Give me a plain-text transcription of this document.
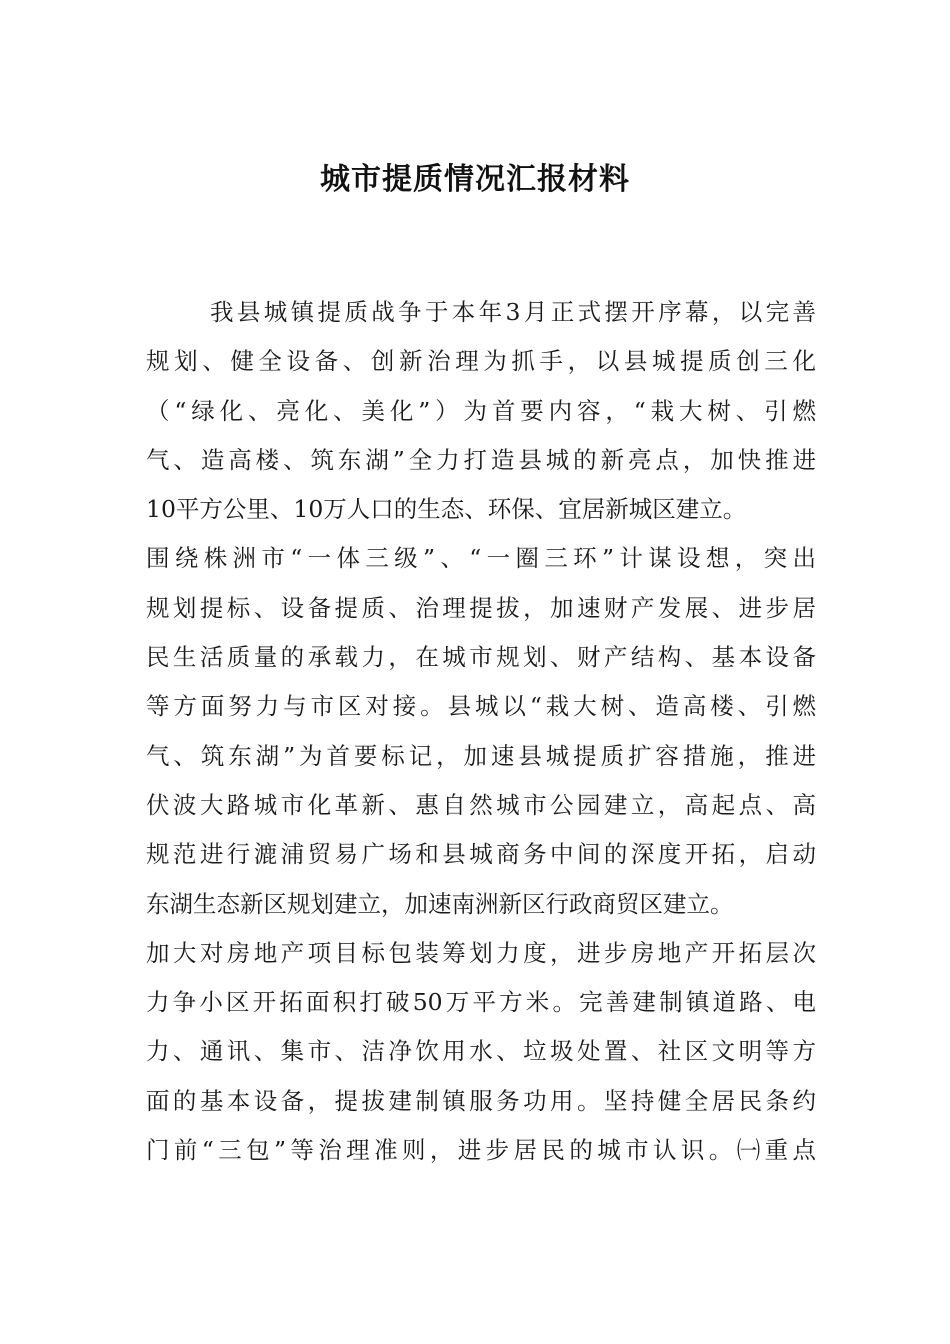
城市提质情况汇报材料
我县城镇提质战争于本年3月正式摆开序幕，以完善
规划、健全设备、创新治理为抓手，以县城提质创三化
（“绿化、亮化、美化”）为首要内容，“栽大树、引燃
气、造高楼、筑东湖”全力打造县城的新亮点，加快推进
10平方公里、10万人口的生态、环保、宜居新城区建立。
围绕株洲市“一体三级”、“一圈三环”计谋设想，突出
规划提标、设备提质、治理提拔，加速财产发展、进步居
民生活质量的承载力，在城市规划、财产结构、基本设备
等方面努力与市区对接。县城以“栽大树、造高楼、引燃
气、筑东湖”为首要标记，加速县城提质扩容措施，推进
伏波大路城市化革新、惠自然城市公园建立，高起点、高
规范进行漉浦贸易广场和县城商务中间的深度开拓，启动
东湖生态新区规划建立，加速南洲新区行政商贸区建立。
加大对房地产项目标包装筹划力度，进步房地产开拓层次
力争小区开拓面积打破50万平方米。完善建制镇道路、电
力、通讯、集市、洁净饮用水、垃圾处置、社区文明等方
面的基本设备，提拔建制镇服务功用。坚持健全居民条约
门前“三包”等治理准则，进步居民的城市认识。㈠重点
